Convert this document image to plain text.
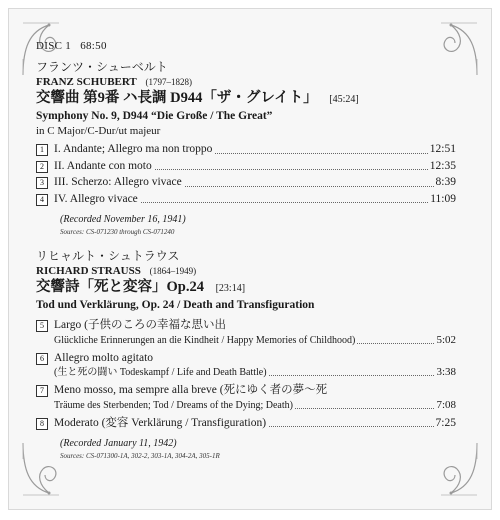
DISC 1 68:50
フランツ・シューベルト
FRANZ SCHUBERT (1797–1828)
交響曲 第9番 ハ長調 D944「ザ・グレイト」 [45:24]
Symphony No. 9, D944 “Die Große / The Great”
in C Major/C-Dur/ut majeur
1 I. Andante; Allegro ma non troppo	12:51
2 II. Andante con moto	12:35
3 III. Scherzo: Allegro vivace	8:39
4 IV. Allegro vivace	11:09
(Recorded November 16, 1941)
Sources: CS-071230 through CS-071240
リヒャルト・シュトラウス
RICHARD STRAUSS (1864–1949)
交響詩「死と変容」Op.24 [23:14]
Tod und Verklärung, Op. 24 / Death and Transfiguration
5 Largo (子供のころの幸福な思い出
Glückliche Erinnerungen an die Kindheit / Happy Memories of Childhood)	5:02
6 Allegro molto agitato
(生と死の闘い Todeskampf / Life and Death Battle)	3:38
7 Meno mosso, ma sempre alla breve (死にゆく者の夢〜死
Träume des Sterbenden; Tod / Dreams of the Dying; Death)	7:08
8 Moderato (変容 Verklärung / Transfiguration)	7:25
(Recorded January 11, 1942)
Sources: CS-071300-1A, 302-2, 303-1A, 304-2A, 305-1R
